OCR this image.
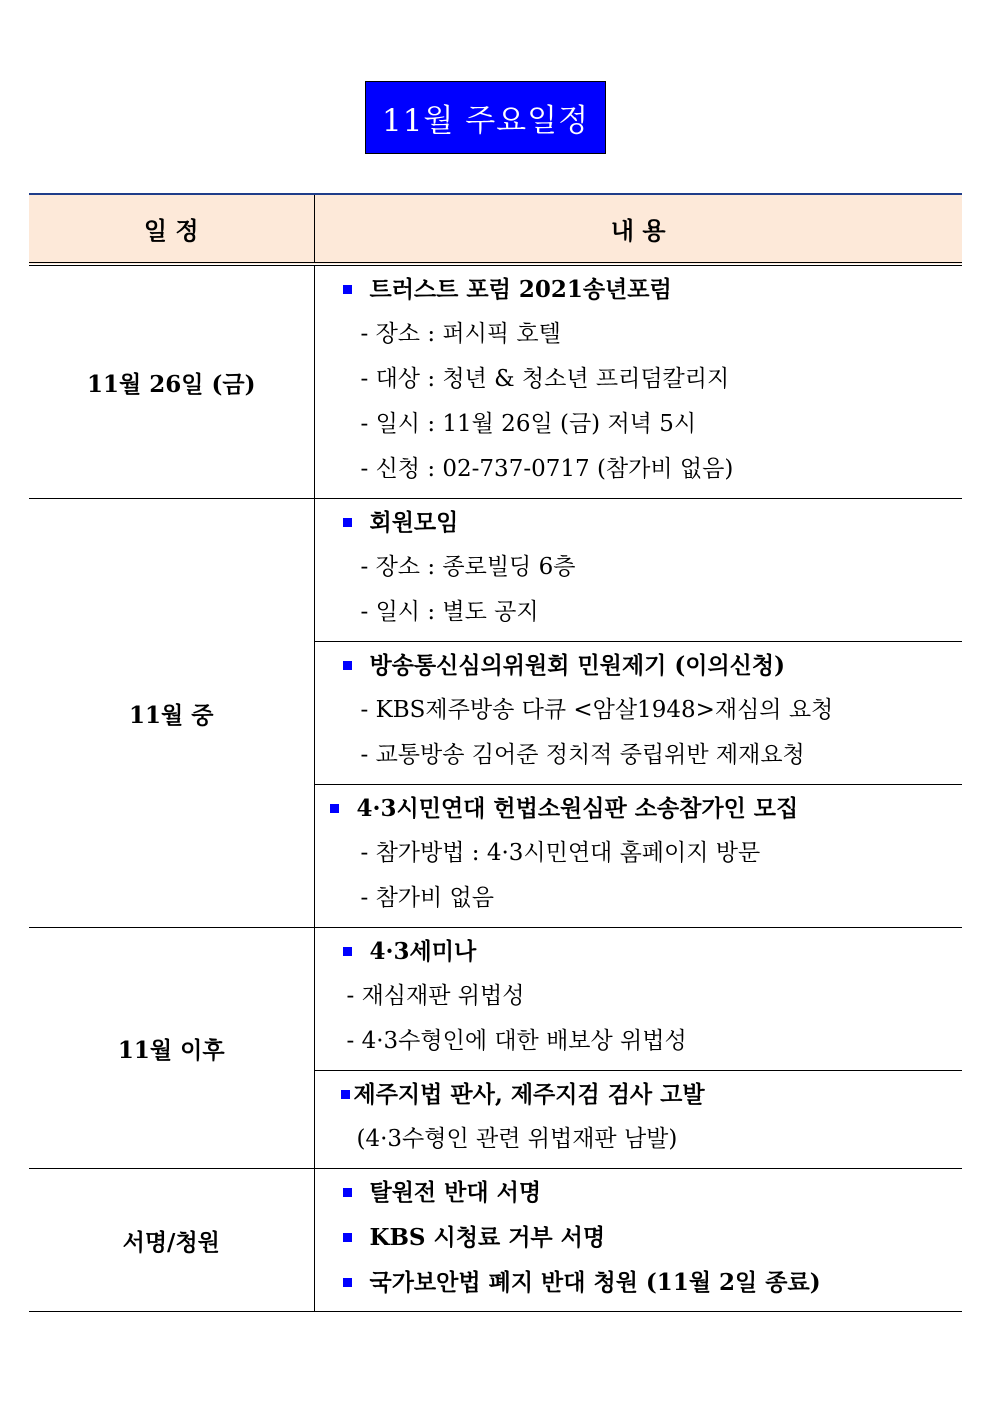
11월 주요일정
일 정	내 용
11월 26일 (금)	트러스트 포럼 2021송년포럼
- 장소 : 퍼시픽 호텔
- 대상 : 청년 & 청소년 프리덤칼리지
- 일시 : 11월 26일 (금) 저녁 5시
- 신청 : 02-737-0717 (참가비 없음)

11월 중	회원모임
- 장소 : 종로빌딩 6층
- 일시 : 별도 공지

	방송통신심의위원회 민원제기 (이의신청)
- KBS제주방송 다큐 <암살1948>재심의 요청
- 교통방송 김어준 정치적 중립위반 제재요청

	4·3시민연대 헌법소원심판 소송참가인 모집
- 참가방법 : 4·3시민연대 홈페이지 방문
- 참가비 없음

11월 이후	4·3세미나
- 재심재판 위법성
- 4·3수형인에 대한 배보상 위법성

	제주지법 판사, 제주지검 검사 고발
(4·3수형인 관련 위법재판 남발)

서명/청원	탈원전 반대 서명
KBS 시청료 거부 서명
국가보안법 폐지 반대 청원 (11월 2일 종료)
